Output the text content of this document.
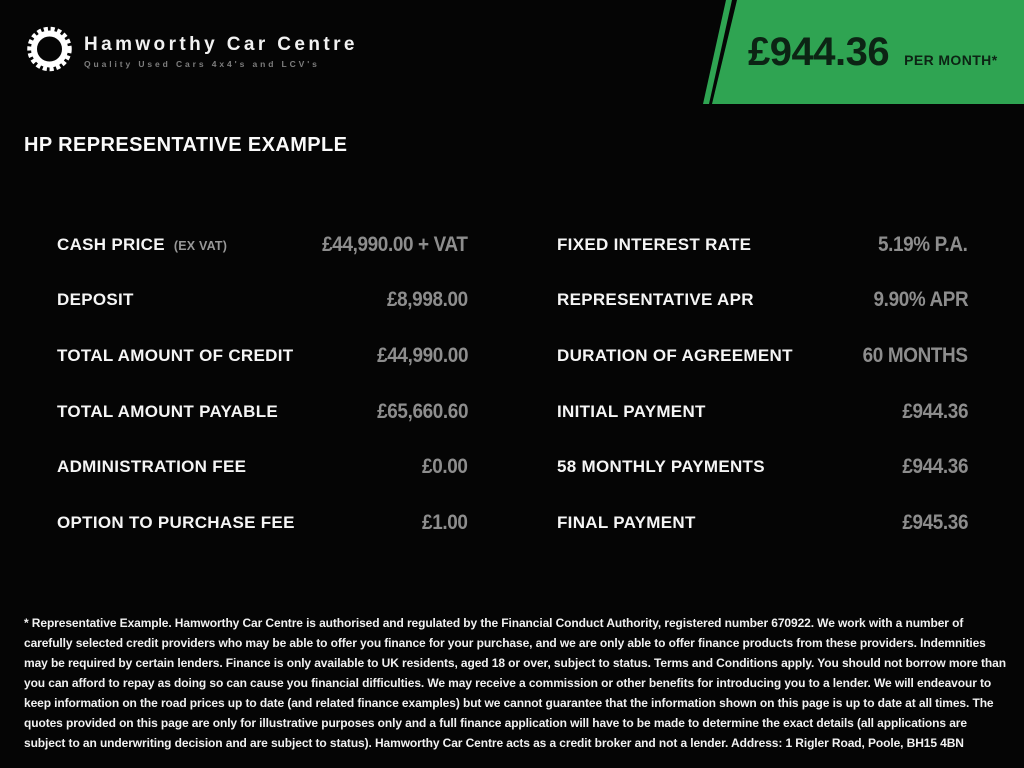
Hamworthy Car Centre
Quality Used Cars 4x4's and LCV's	£944.36 PER MONTH*
HP REPRESENTATIVE EXAMPLE
CASH PRICE (EX VAT)	£44,990.00 + VAT
DEPOSIT	£8,998.00
TOTAL AMOUNT OF CREDIT	£44,990.00
TOTAL AMOUNT PAYABLE	£65,660.60
ADMINISTRATION FEE	£0.00
OPTION TO PURCHASE FEE	£1.00
FIXED INTEREST RATE	5.19% P.A.
REPRESENTATIVE APR	9.90% APR
DURATION OF AGREEMENT	60 MONTHS
INITIAL PAYMENT	£944.36
58 MONTHLY PAYMENTS	£944.36
FINAL PAYMENT	£945.36

* Representative Example. Hamworthy Car Centre is authorised and regulated by the Financial Conduct Authority, registered number 670922. We work with a number of carefully selected credit providers who may be able to offer you finance for your purchase, and we are only able to offer finance products from these providers. Indemnities may be required by certain lenders. Finance is only available to UK residents, aged 18 or over, subject to status. Terms and Conditions apply. You should not borrow more than you can afford to repay as doing so can cause you financial difficulties. We may receive a commission or other benefits for introducing you to a lender. We will endeavour to keep information on the road prices up to date (and related finance examples) but we cannot guarantee that the information shown on this page is up to date at all times. The quotes provided on this page are only for illustrative purposes only and a full finance application will have to be made to determine the exact details (all applications are subject to an underwriting decision and are subject to status). Hamworthy Car Centre acts as a credit broker and not a lender. Address: 1 Rigler Road, Poole, BH15 4BN
